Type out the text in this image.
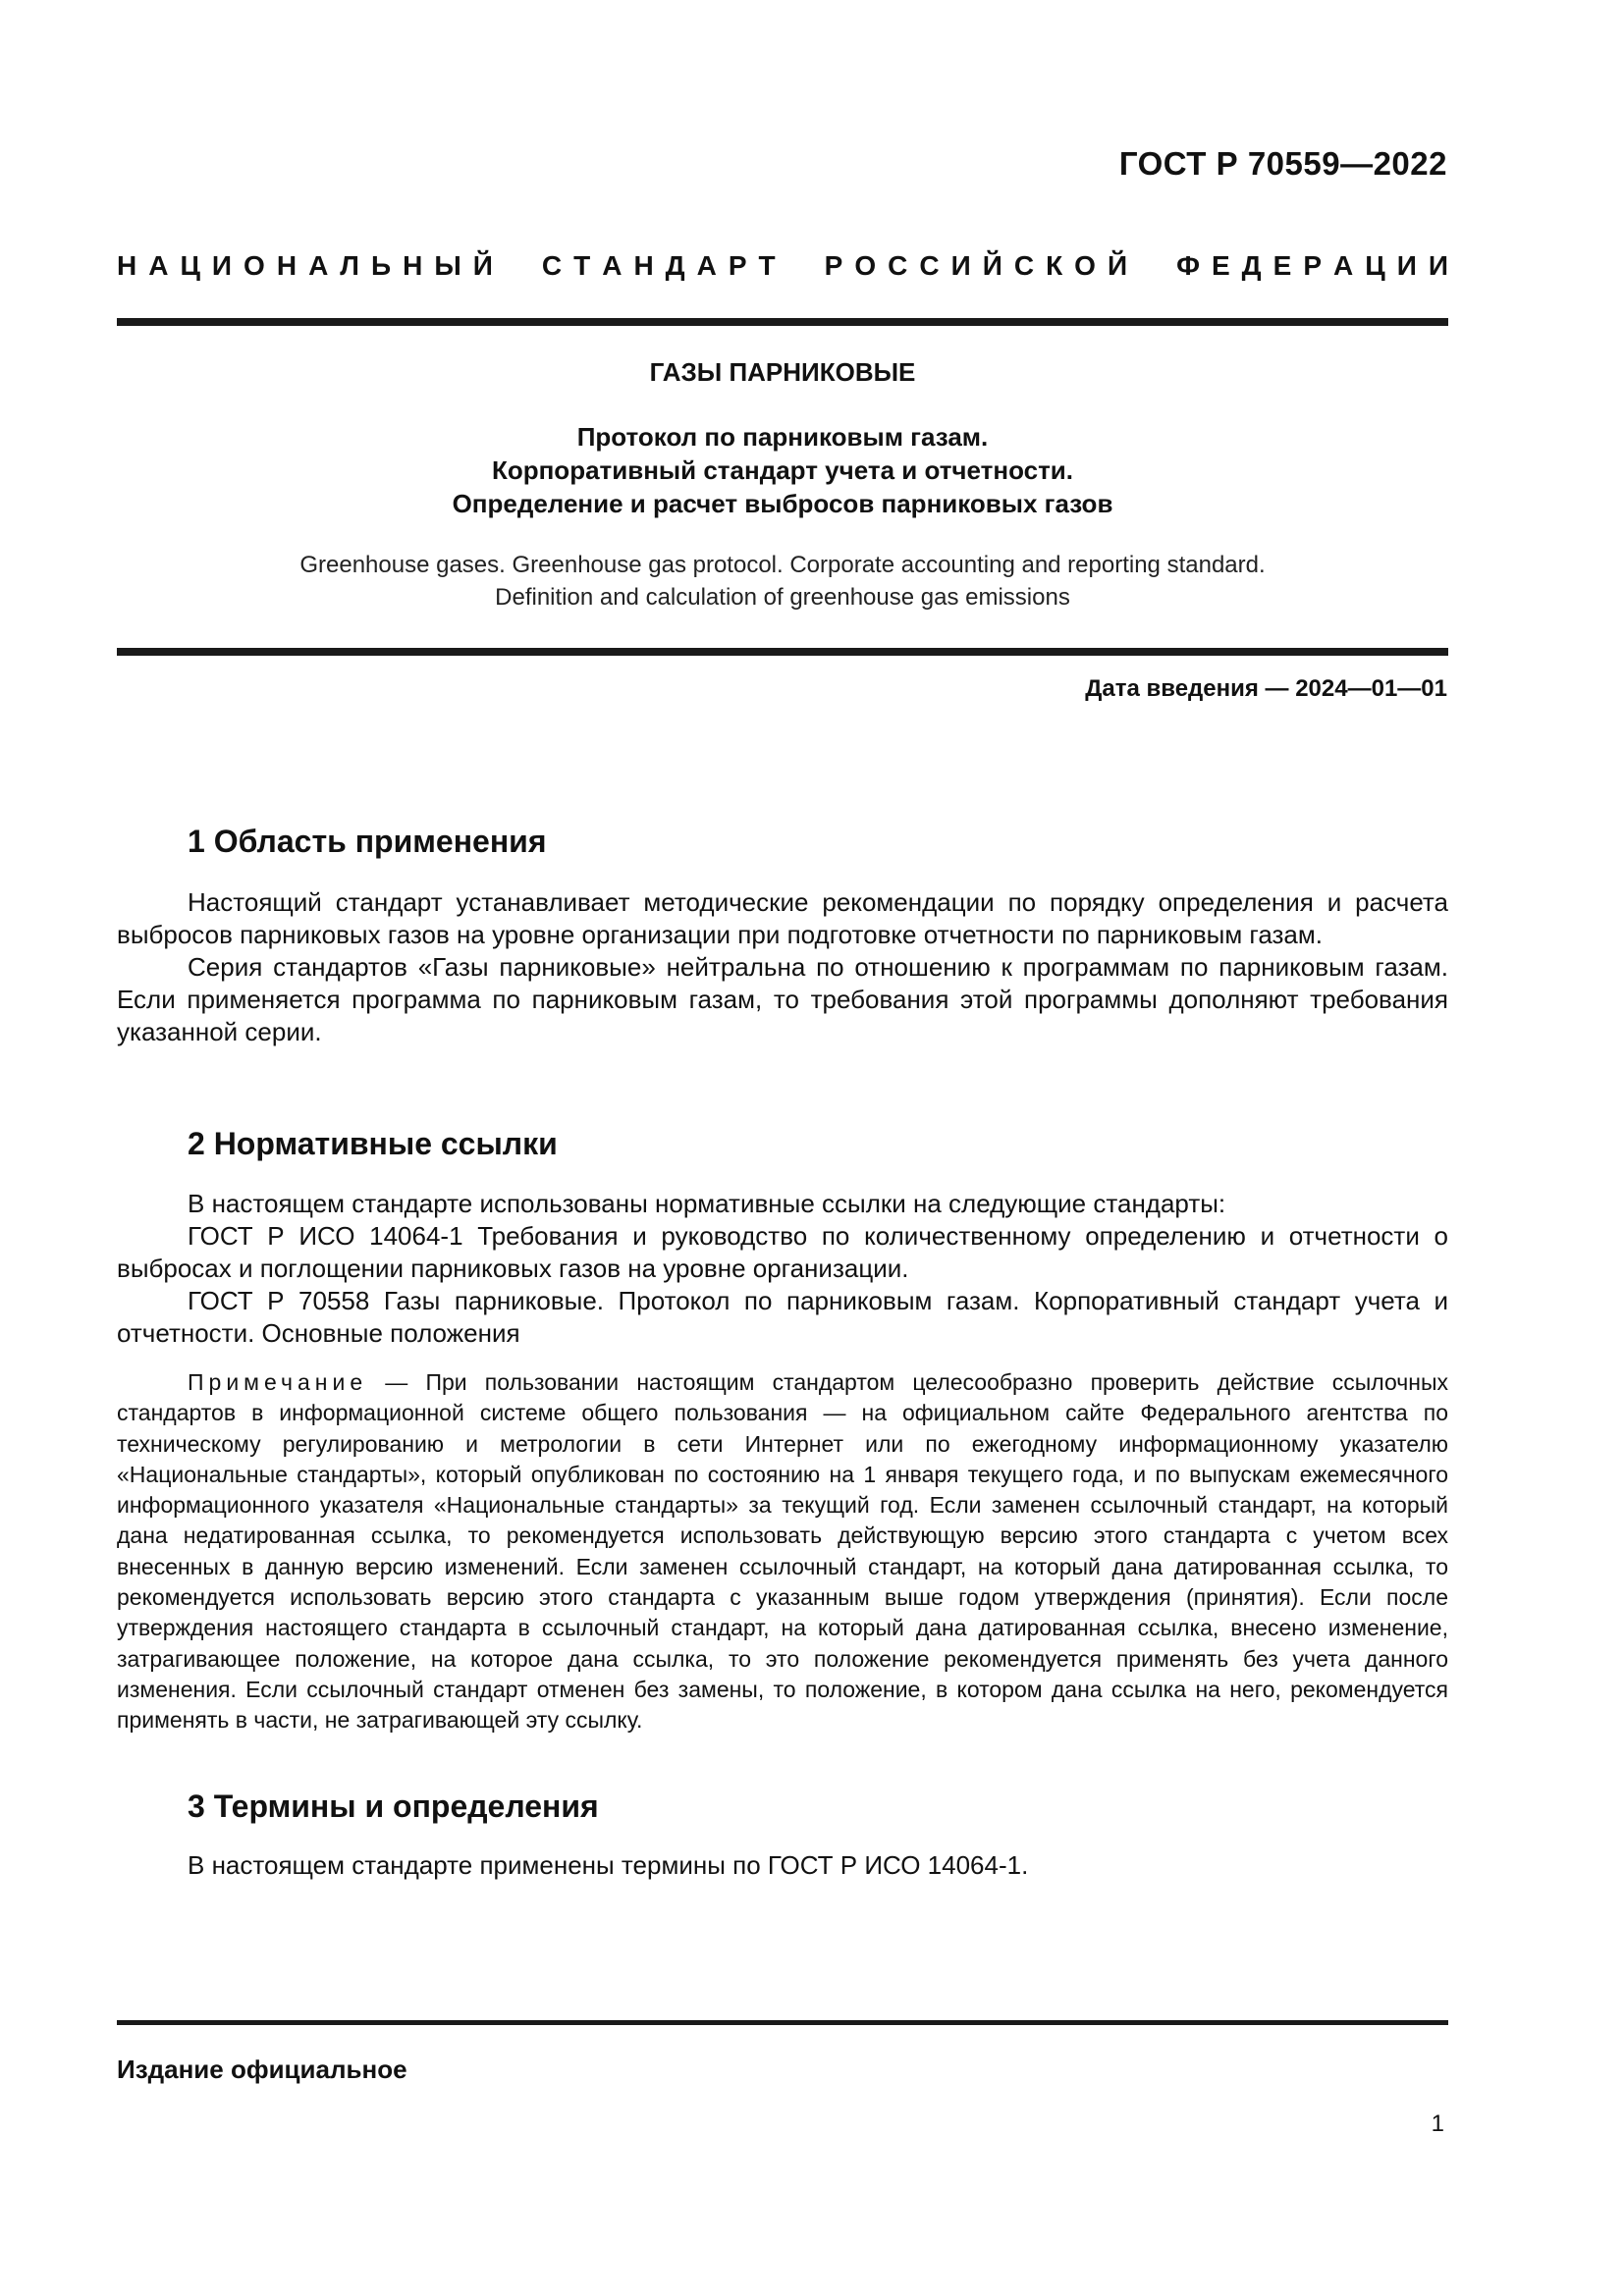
ГОСТ Р 70559—2022
Н А Ц И О Н А Л Ь Н Ы Й С Т А Н Д А Р Т Р О С С И Й С К О Й Ф Е Д Е Р А Ц И И
ГАЗЫ ПАРНИКОВЫЕ
Протокол по парниковым газам.
Корпоративный стандарт учета и отчетности.
Определение и расчет выбросов парниковых газов
Greenhouse gases. Greenhouse gas protocol. Corporate accounting and reporting standard.
Definition and calculation of greenhouse gas emissions
Дата введения — 2024—01—01
1 Область применения

Настоящий стандарт устанавливает методические рекомендации по порядку определения и расчета выбросов парниковых газов на уровне организации при подготовке отчетности по парниковым газам.

Серия стандартов «Газы парниковые» нейтральна по отношению к программам по парниковым газам. Если применяется программа по парниковым газам, то требования этой программы дополняют требования указанной серии.

2 Нормативные ссылки

В настоящем стандарте использованы нормативные ссылки на следующие стандарты:

ГОСТ Р ИСО 14064-1 Требования и руководство по количественному определению и отчетности о выбросах и поглощении парниковых газов на уровне организации.

ГОСТ Р 70558 Газы парниковые. Протокол по парниковым газам. Корпоративный стандарт учета и отчетности. Основные положения

Примечание — При пользовании настоящим стандартом целесообразно проверить действие ссылочных стандартов в информационной системе общего пользования — на официальном сайте Федерального агентства по техническому регулированию и метрологии в сети Интернет или по ежегодному информационному указателю «Национальные стандарты», который опубликован по состоянию на 1 января текущего года, и по выпускам ежемесячного информационного указателя «Национальные стандарты» за текущий год. Если заменен ссылочный стандарт, на который дана недатированная ссылка, то рекомендуется использовать действующую версию этого стандарта с учетом всех внесенных в данную версию изменений. Если заменен ссылочный стандарт, на который дана датированная ссылка, то рекомендуется использовать версию этого стандарта с указанным выше годом утверждения (принятия). Если после утверждения настоящего стандарта в ссылочный стандарт, на который дана датированная ссылка, внесено изменение, затрагивающее положение, на которое дана ссылка, то это положение рекомендуется применять без учета данного изменения. Если ссылочный стандарт отменен без замены, то положение, в котором дана ссылка на него, рекомендуется применять в части, не затрагивающей эту ссылку.

3 Термины и определения

В настоящем стандарте применены термины по ГОСТ Р ИСО 14064-1.

Издание официальное
1
